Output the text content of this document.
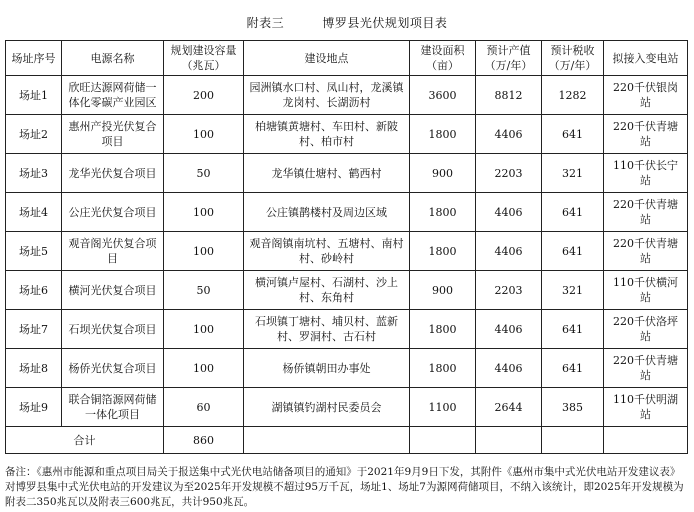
附表三	博罗县光伏规划项目表
场址序号	电源名称	规划建设容量（兆瓦）	建设地点	建设面积（亩）	预计产值（万/年）	预计税收（万/年）	拟接入变电站
场址1	欣旺达源网荷储一体化零碳产业园区	200	园洲镇水口村、凤山村，龙溪镇龙岗村、长湖沥村	3600	8812	1282	220千伏银岗站
场址2	惠州产投光伏复合项目	100	柏塘镇黄塘村、车田村、新陂村、柏市村	1800	4406	641	220千伏青塘站
场址3	龙华光伏复合项目	50	龙华镇仕塘村、鹤西村	900	2203	321	110千伏长宁站
场址4	公庄光伏复合项目	100	公庄镇鹊楼村及周边区域	1800	4406	641	220千伏青塘站
场址5	观音阁光伏复合项目	100	观音阁镇南坑村、五塘村、南村村、砂岭村	1800	4406	641	220千伏青塘站
场址6	横河光伏复合项目	50	横河镇卢屋村、石湖村、沙上村、东角村	900	2203	321	110千伏横河站
场址7	石坝光伏复合项目	100	石坝镇丁塘村、埔贝村、蓝新村、罗洞村、古石村	1800	4406	641	220千伏洛坪站
场址8	杨侨光伏复合项目	100	杨侨镇朝田办事处	1800	4406	641	220千伏青塘站
场址9	联合铜箔源网荷储一体化项目	60	湖镇镇钓湖村民委员会	1100	2644	385	110千伏明湖站
合计		860					
备注：《惠州市能源和重点项目局关于报送集中式光伏电站储备项目的通知》于2021年9月9日下发，其附件《惠州市集中式光伏电站开发建议表》对博罗县集中式光伏电站的开发建议为至2025年开发规模不超过95万千瓦，场址1、场址7为源网荷储项目，不纳入该统计，即2025年开发规模为附表二350兆瓦以及附表三600兆瓦，共计950兆瓦。
